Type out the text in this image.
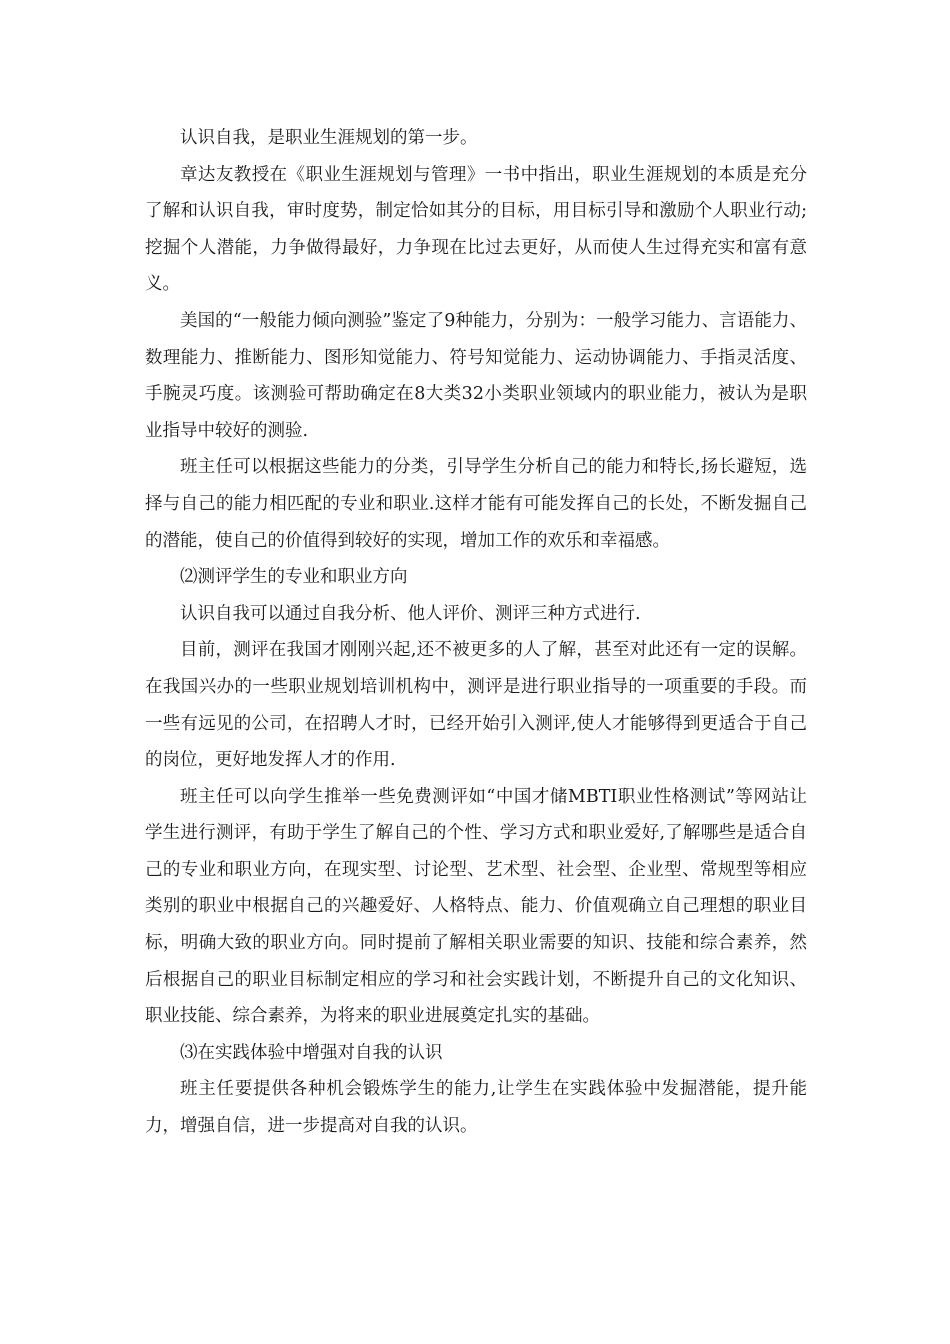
认识自我，是职业生涯规划的第一步。

章达友教授在《职业生涯规划与管理》一书中指出，职业生涯规划的本质是充分了解和认识自我，审时度势，制定恰如其分的目标，用目标引导和激励个人职业行动;挖掘个人潜能，力争做得最好，力争现在比过去更好，从而使人生过得充实和富有意义。

美国的“一般能力倾向测验”鉴定了9种能力，分别为：一般学习能力、言语能力、数理能力、推断能力、图形知觉能力、符号知觉能力、运动协调能力、手指灵活度、手腕灵巧度。该测验可帮助确定在8大类32小类职业领域内的职业能力，被认为是职业指导中较好的测验.

班主任可以根据这些能力的分类，引导学生分析自己的能力和特长,扬长避短，选择与自己的能力相匹配的专业和职业.这样才能有可能发挥自己的长处，不断发掘自己的潜能，使自己的价值得到较好的实现，增加工作的欢乐和幸福感。

⑵测评学生的专业和职业方向

认识自我可以通过自我分析、他人评价、测评三种方式进行.

目前，测评在我国才刚刚兴起,还不被更多的人了解，甚至对此还有一定的误解。在我国兴办的一些职业规划培训机构中，测评是进行职业指导的一项重要的手段。而一些有远见的公司，在招聘人才时，已经开始引入测评,使人才能够得到更适合于自己的岗位，更好地发挥人才的作用.

班主任可以向学生推举一些免费测评如“中国才储MBTI职业性格测试”等网站让学生进行测评，有助于学生了解自己的个性、学习方式和职业爱好,了解哪些是适合自己的专业和职业方向，在现实型、讨论型、艺术型、社会型、企业型、常规型等相应类别的职业中根据自己的兴趣爱好、人格特点、能力、价值观确立自己理想的职业目标，明确大致的职业方向。同时提前了解相关职业需要的知识、技能和综合素养，然后根据自己的职业目标制定相应的学习和社会实践计划，不断提升自己的文化知识、职业技能、综合素养，为将来的职业进展奠定扎实的基础。

⑶在实践体验中增强对自我的认识

班主任要提供各种机会锻炼学生的能力,让学生在实践体验中发掘潜能，提升能力，增强自信，进一步提高对自我的认识。
